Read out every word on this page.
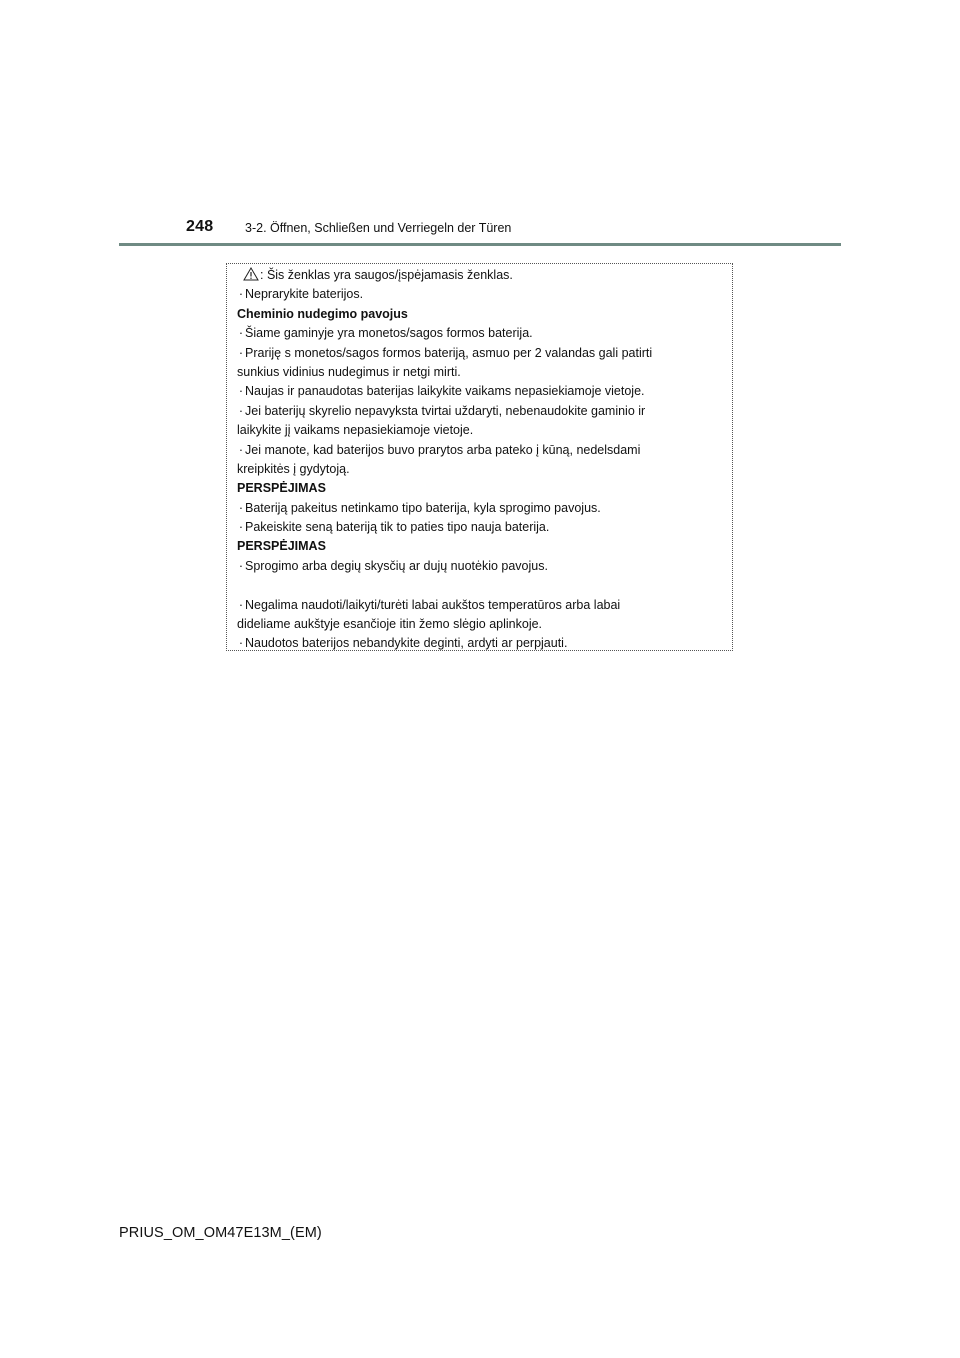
248	3-2. Öffnen, Schließen und Verriegeln der Türen
: Šis ženklas yra saugos/įspėjamasis ženklas.
· Neprarykite baterijos.
Cheminio nudegimo pavojus
· Šiame gaminyje yra monetos/sagos formos baterija.
· Prariję s monetos/sagos formos bateriją, asmuo per 2 valandas gali patirti
sunkius vidinius nudegimus ir netgi mirti.
· Naujas ir panaudotas baterijas laikykite vaikams nepasiekiamoje vietoje.
· Jei baterijų skyrelio nepavyksta tvirtai uždaryti, nebenaudokite gaminio ir
laikykite jį vaikams nepasiekiamoje vietoje.
· Jei manote, kad baterijos buvo prarytos arba pateko į kūną, nedelsdami
kreipkitės į gydytoją.
PERSPĖJIMAS
· Bateriją pakeitus netinkamo tipo baterija, kyla sprogimo pavojus.
· Pakeiskite seną bateriją tik to paties tipo nauja baterija.
PERSPĖJIMAS
· Sprogimo arba degių skysčių ar dujų nuotėkio pavojus.
· Negalima naudoti/laikyti/turėti labai aukštos temperatūros arba labai
dideliame aukštyje esančioje itin žemo slėgio aplinkoje.
· Naudotos baterijos nebandykite deginti, ardyti ar perpjauti.
PRIUS_OM_OM47E13M_(EM)
